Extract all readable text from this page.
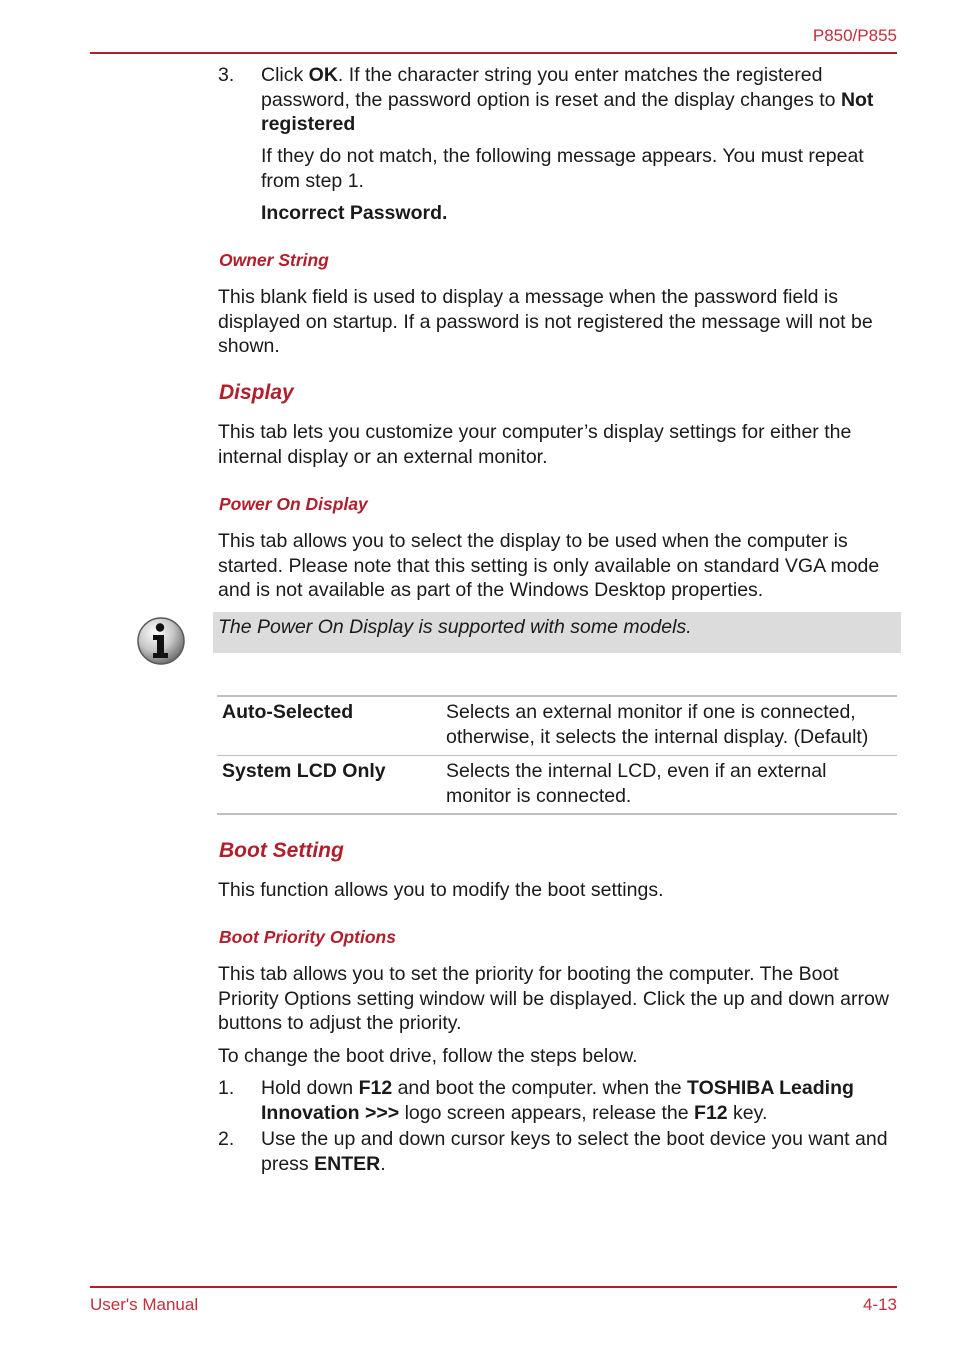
P850/P855
3.	Click OK. If the character string you enter matches the registered password, the password option is reset and the display changes to Not registered
If they do not match, the following message appears. You must repeat from step 1.
Incorrect Password.
Owner String
This blank field is used to display a message when the password field is displayed on startup. If a password is not registered the message will not be shown.
Display
This tab lets you customize your computer’s display settings for either the internal display or an external monitor.
Power On Display
This tab allows you to select the display to be used when the computer is started. Please note that this setting is only available on standard VGA mode and is not available as part of the Windows Desktop properties.
The Power On Display is supported with some models.
Auto-Selected	Selects an external monitor if one is connected, otherwise, it selects the internal display. (Default)
System LCD Only	Selects the internal LCD, even if an external monitor is connected.
Boot Setting
This function allows you to modify the boot settings.
Boot Priority Options
This tab allows you to set the priority for booting the computer. The Boot Priority Options setting window will be displayed. Click the up and down arrow buttons to adjust the priority.
To change the boot drive, follow the steps below.
1.	Hold down F12 and boot the computer. when the TOSHIBA Leading Innovation >>> logo screen appears, release the F12 key.
2.	Use the up and down cursor keys to select the boot device you want and press ENTER.
User's Manual	4-13
